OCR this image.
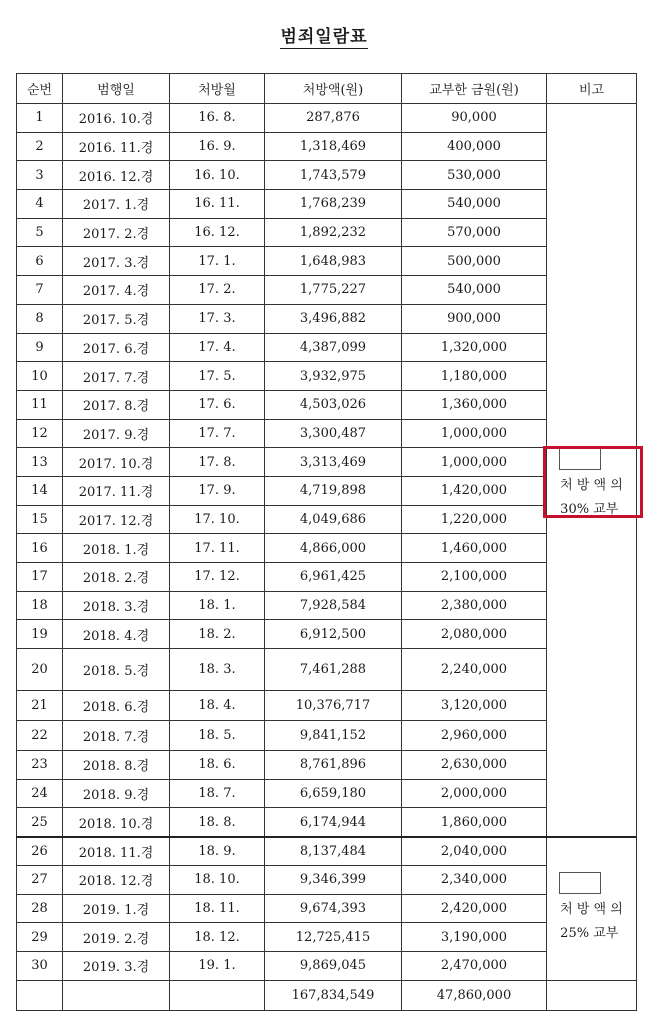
범죄일람표
순번	범행일	처방월	처방액(원)	교부한 금원(원)	비고
1	2016. 10.경	16. 8.	287,876	90,000	처 방 액 의
30% 교부

2	2016. 11.경	16. 9.	1,318,469	400,000	
3	2016. 12.경	16. 10.	1,743,579	530,000	
4	2017. 1.경	16. 11.	1,768,239	540,000	
5	2017. 2.경	16. 12.	1,892,232	570,000	
6	2017. 3.경	17. 1.	1,648,983	500,000	
7	2017. 4.경	17. 2.	1,775,227	540,000	
8	2017. 5.경	17. 3.	3,496,882	900,000	
9	2017. 6.경	17. 4.	4,387,099	1,320,000	
10	2017. 7.경	17. 5.	3,932,975	1,180,000	
11	2017. 8.경	17. 6.	4,503,026	1,360,000	
12	2017. 9.경	17. 7.	3,300,487	1,000,000	
13	2017. 10.경	17. 8.	3,313,469	1,000,000	
14	2017. 11.경	17. 9.	4,719,898	1,420,000	
15	2017. 12.경	17. 10.	4,049,686	1,220,000	
16	2018. 1.경	17. 11.	4,866,000	1,460,000	
17	2018. 2.경	17. 12.	6,961,425	2,100,000	
18	2018. 3.경	18. 1.	7,928,584	2,380,000	
19	2018. 4.경	18. 2.	6,912,500	2,080,000	
20	2018. 5.경	18. 3.	7,461,288	2,240,000	
21	2018. 6.경	18. 4.	10,376,717	3,120,000	
22	2018. 7.경	18. 5.	9,841,152	2,960,000	
23	2018. 8.경	18. 6.	8,761,896	2,630,000	
24	2018. 9.경	18. 7.	6,659,180	2,000,000	
25	2018. 10.경	18. 8.	6,174,944	1,860,000	
26	2018. 11.경	18. 9.	8,137,484	2,040,000	처 방 액 의
25% 교부

27	2018. 12.경	18. 10.	9,346,399	2,340,000	
28	2019. 1.경	18. 11.	9,674,393	2,420,000	
29	2019. 2.경	18. 12.	12,725,415	3,190,000	
30	2019. 3.경	19. 1.	9,869,045	2,470,000	
			167,834,549	47,860,000	
